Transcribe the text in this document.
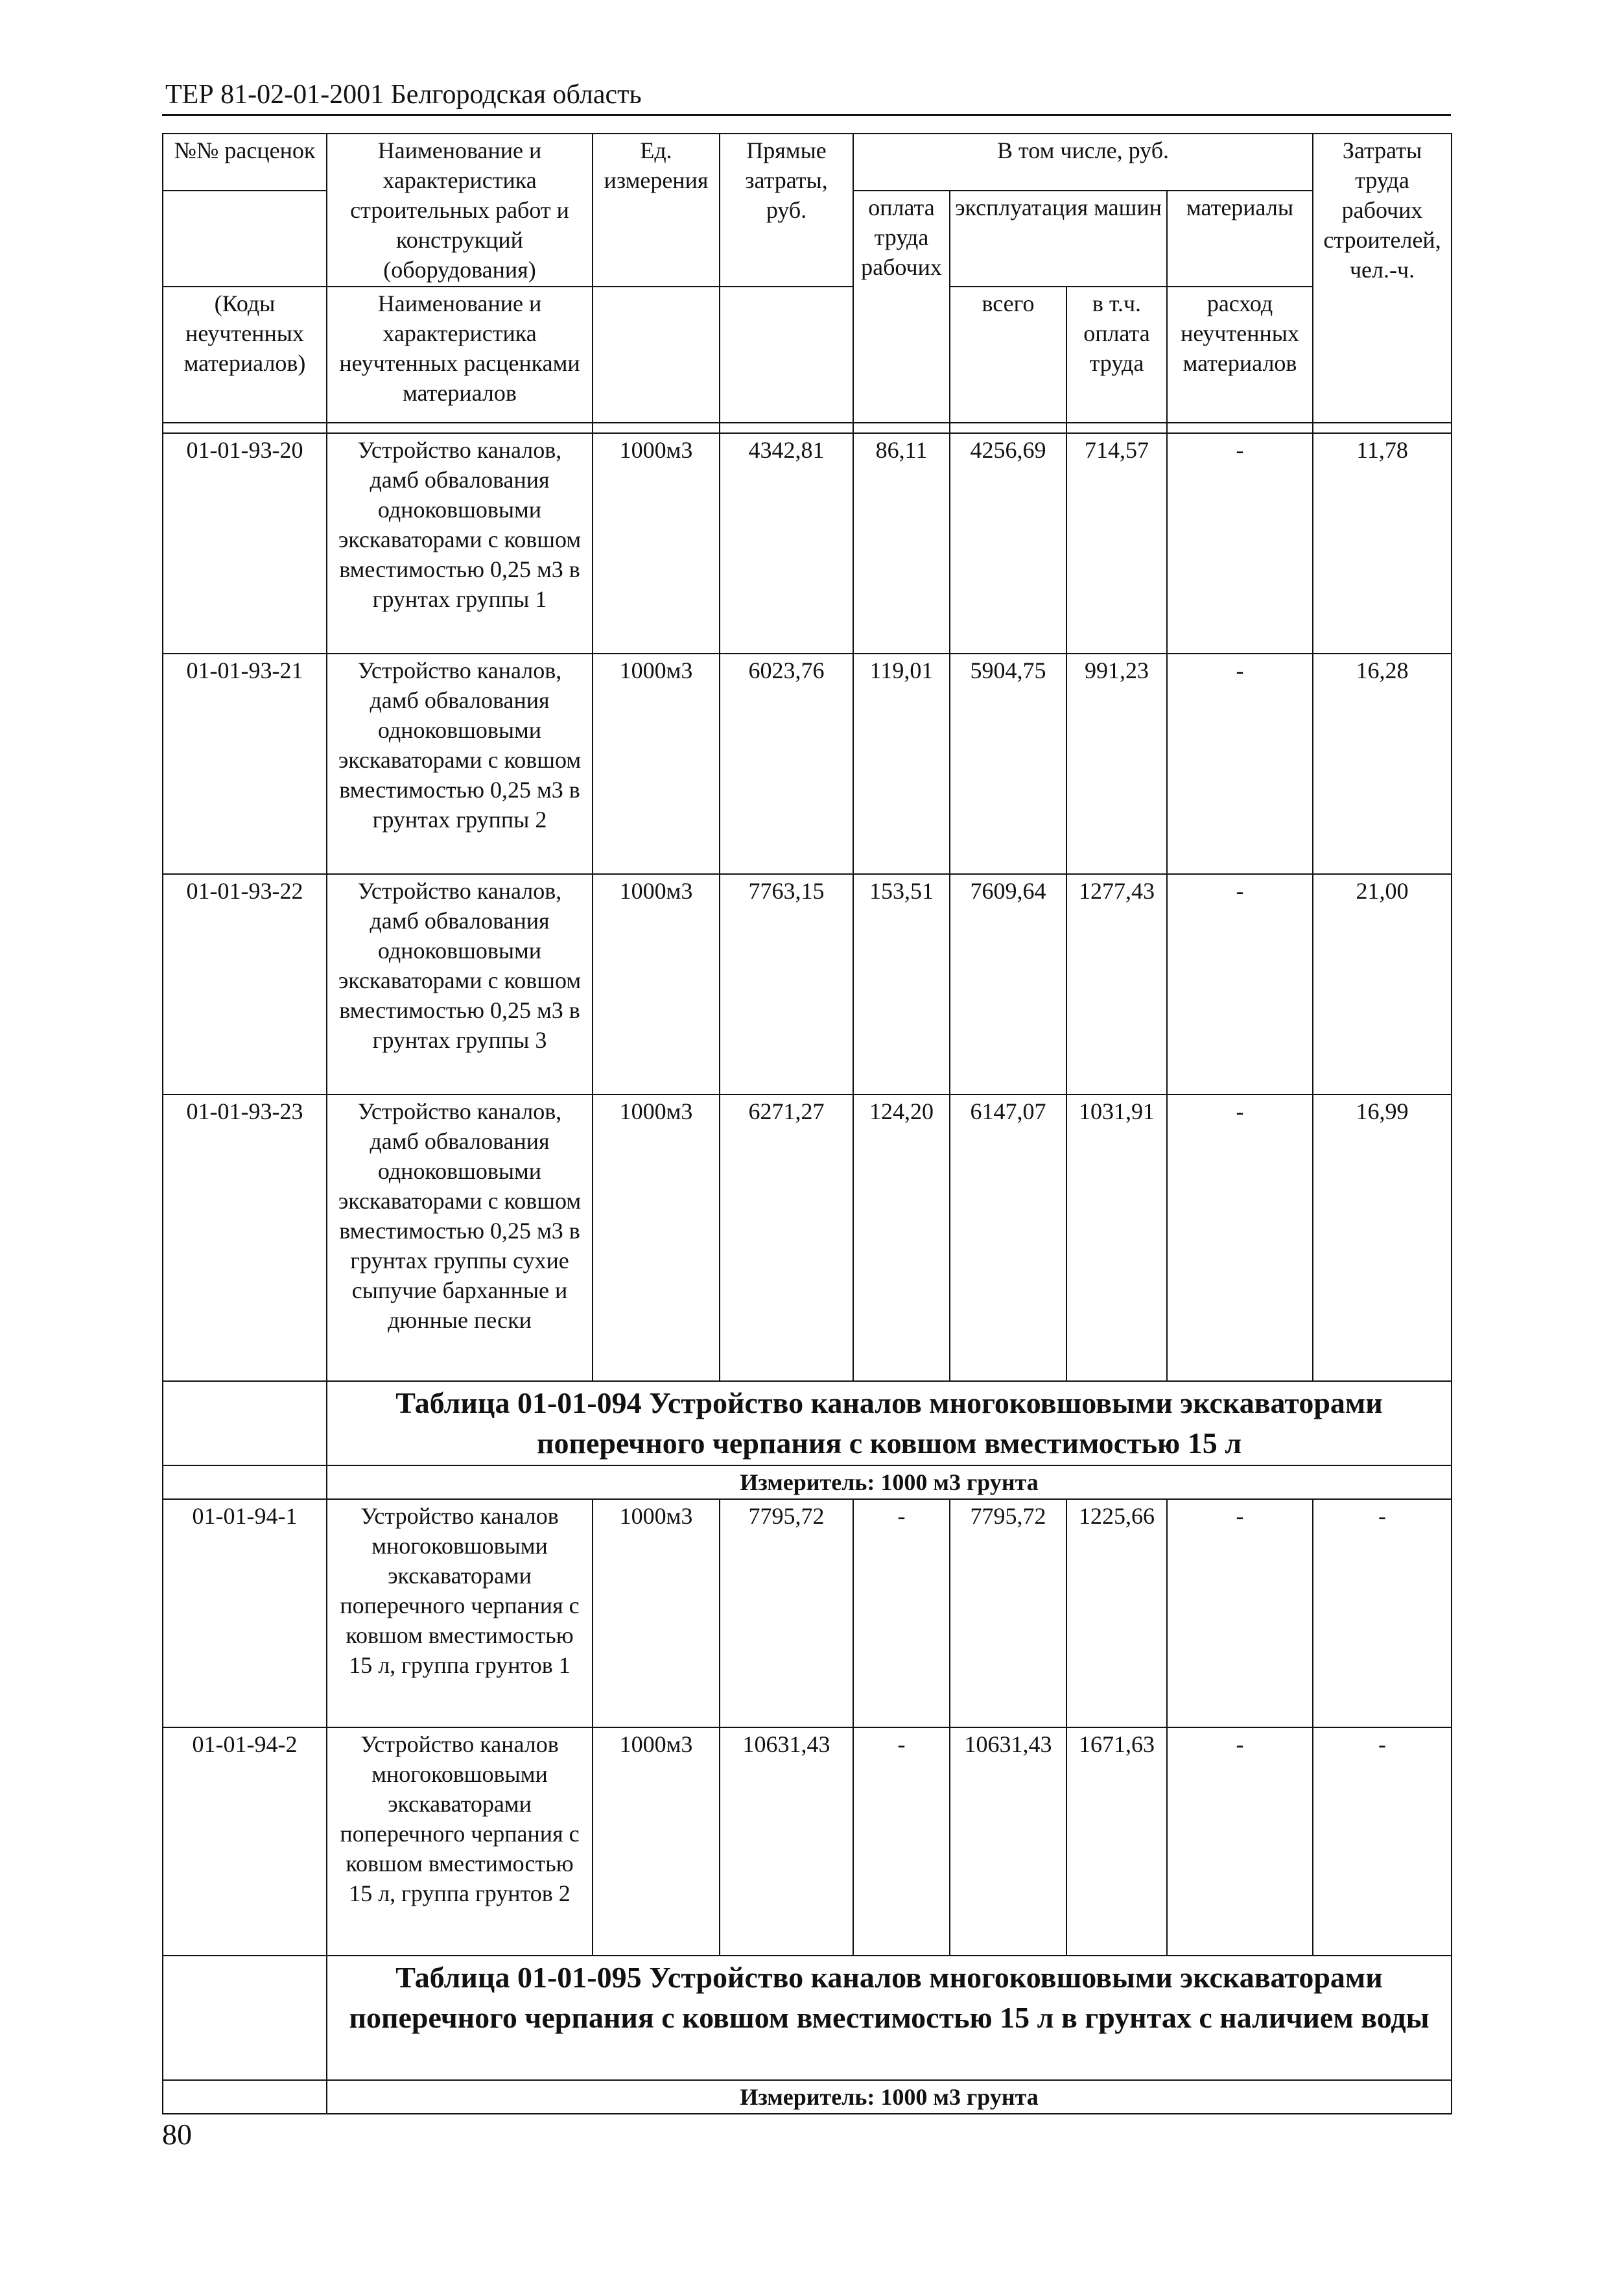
ТЕР 81-02-01-2001 Белгородская область
№№ расценок	Наименование и характеристика строительных работ и конструкций (оборудования)	Ед. измерения	Прямые затраты, руб.	В том числе, руб.				Затраты труда рабочих строителей, чел.-ч.
				оплата труда рабочих	эксплуатация машин		материалы	
(Коды неучтенных материалов)	Наименование и характеристика неучтенных расценками материалов				всего	в т.ч. оплата труда	расход неучтенных материалов	

01-01-93-20	Устройство каналов, дамб обвалования одноковшовыми экскаваторами с ковшом вместимостью 0,25 м3 в грунтах группы 1	1000м3	4342,81	86,11	4256,69	714,57	-	11,78
01-01-93-21	Устройство каналов, дамб обвалования одноковшовыми экскаваторами с ковшом вместимостью 0,25 м3 в грунтах группы 2	1000м3	6023,76	119,01	5904,75	991,23	-	16,28
01-01-93-22	Устройство каналов, дамб обвалования одноковшовыми экскаваторами с ковшом вместимостью 0,25 м3 в грунтах группы 3	1000м3	7763,15	153,51	7609,64	1277,43	-	21,00
01-01-93-23	Устройство каналов, дамб обвалования одноковшовыми экскаваторами с ковшом вместимостью 0,25 м3 в грунтах группы сухие сыпучие барханные и дюнные пески	1000м3	6271,27	124,20	6147,07	1031,91	-	16,99
	Таблица 01-01-094 Устройство каналов многоковшовыми экскаваторами поперечного черпания с ковшом вместимостью 15 л							
	Измеритель: 1000 м3 грунта							
01-01-94-1	Устройство каналов многоковшовыми экскаваторами поперечного черпания с ковшом вместимостью 15 л, группа грунтов 1	1000м3	7795,72	-	7795,72	1225,66	-	-
01-01-94-2	Устройство каналов многоковшовыми экскаваторами поперечного черпания с ковшом вместимостью 15 л, группа грунтов 2	1000м3	10631,43	-	10631,43	1671,63	-	-
	Таблица 01-01-095 Устройство каналов многоковшовыми экскаваторами поперечного черпания с ковшом вместимостью 15 л в грунтах с наличием воды							
	Измеритель: 1000 м3 грунта							
80
